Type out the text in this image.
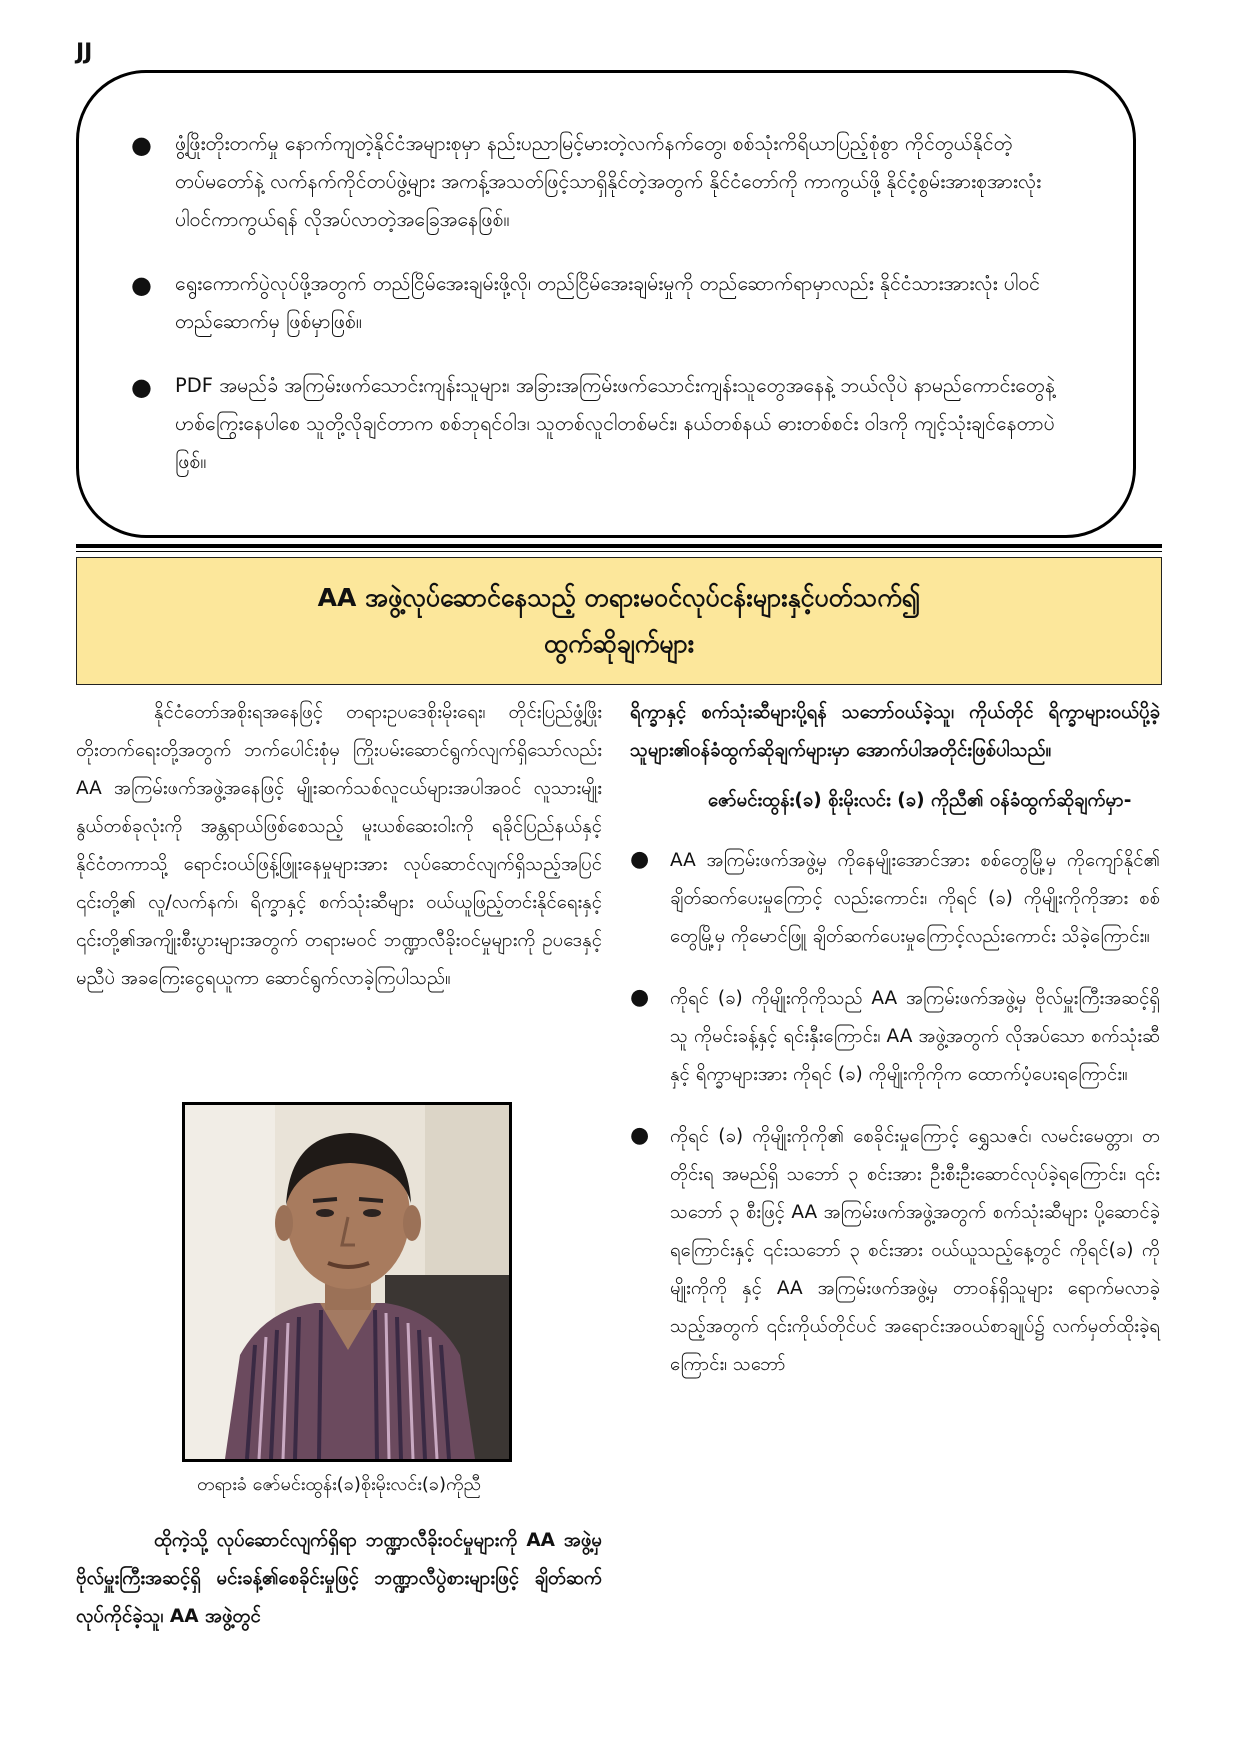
JJ
● ဖွံ့ဖြိုးတိုးတက်မှု နောက်ကျတဲ့နိုင်ငံအများစုမှာ နည်းပညာမြင့်မားတဲ့လက်နက်တွေ၊ စစ်သုံးကိရိယာပြည့်စုံစွာ ကိုင်တွယ်နိုင်တဲ့တပ်မတော်နဲ့ လက်နက်ကိုင်တပ်ဖွဲ့များ အကန့်အသတ်ဖြင့်သာရှိနိုင်တဲ့အတွက် နိုင်ငံတော်ကို ကာကွယ်ဖို့ နိုင်ငံ့စွမ်းအားစုအားလုံး ပါဝင်ကာကွယ်ရန် လိုအပ်လာတဲ့အခြေအနေဖြစ်။
● ရွေးကောက်ပွဲလုပ်ဖို့အတွက် တည်ငြိမ်အေးချမ်းဖို့လို၊ တည်ငြိမ်အေးချမ်းမှုကို တည်ဆောက်ရာမှာလည်း နိုင်ငံသားအားလုံး ပါဝင်တည်ဆောက်မှ ဖြစ်မှာဖြစ်။
● PDF အမည်ခံ အကြမ်းဖက်သောင်းကျန်းသူများ၊ အခြားအကြမ်းဖက်သောင်းကျန်းသူတွေအနေနဲ့ ဘယ်လိုပဲ နာမည်ကောင်းတွေနဲ့ ဟစ်ကြွေးနေပါစေ သူတို့လိုချင်တာက စစ်ဘုရင်ဝါဒ၊ သူတစ်လူငါတစ်မင်း၊ နယ်တစ်နယ် ဓားတစ်စင်း ဝါဒကို ကျင့်သုံးချင်နေတာပဲဖြစ်။
AA အဖွဲ့လုပ်ဆောင်နေသည့် တရားမဝင်လုပ်ငန်းများနှင့်ပတ်သက်၍
ထွက်ဆိုချက်များ

နိုင်ငံတော်အစိုးရအနေဖြင့် တရားဥပဒေစိုးမိုးရေး၊ တိုင်းပြည်ဖွံ့ဖြိုးတိုးတက်ရေးတို့အတွက် ဘက်ပေါင်းစုံမှ ကြိုးပမ်းဆောင်ရွက်လျက်ရှိသော်လည်း AA အကြမ်းဖက်အဖွဲ့အနေဖြင့် မျိုးဆက်သစ်လူငယ်များအပါအဝင် လူသားမျိုးနွယ်တစ်ခုလုံးကို အန္တရာယ်ဖြစ်စေသည့် မူးယစ်ဆေးဝါးကို ရခိုင်ပြည်နယ်နှင့် နိုင်ငံတကာသို့ ရောင်းဝယ်ဖြန့်ဖြူးနေမှုများအား လုပ်ဆောင်လျက်ရှိသည့်အပြင် ၎င်းတို့၏ လူ/လက်နက်၊ ရိက္ခာနှင့် စက်သုံးဆီများ ဝယ်ယူဖြည့်တင်းနိုင်ရေးနှင့် ၎င်းတို့၏အကျိုးစီးပွားများအတွက် တရားမဝင် ဘဏ္ဍာလီခိုးဝင်မှုများကို ဥပဒေနှင့်မညီပဲ အခကြေးငွေရယူကာ ဆောင်ရွက်လာခဲ့ကြပါသည်။

တရားခံ ဇော်မင်းထွန်း(ခ)စိုးမိုးလင်း(ခ)ကိုညီ

ထိုကဲ့သို့ လုပ်ဆောင်လျက်ရှိရာ ဘဏ္ဍာလီခိုးဝင်မှုများကို AA အဖွဲ့မှ ဗိုလ်မှူးကြီးအဆင့်ရှိ မင်းခန့်၏စေခိုင်းမှုဖြင့် ဘဏ္ဍာလီပွဲစားများဖြင့် ချိတ်ဆက်လုပ်ကိုင်ခဲ့သူ၊ AA အဖွဲ့တွင်

ရိက္ခာနှင့် စက်သုံးဆီများပို့ရန် သဘော်ဝယ်ခဲ့သူ၊ ကိုယ်တိုင် ရိက္ခာများဝယ်ပို့ခဲ့သူများ၏ဝန်ခံထွက်ဆိုချက်များမှာ အောက်ပါအတိုင်းဖြစ်ပါသည်။

ဇော်မင်းထွန်း(ခ) စိုးမိုးလင်း (ခ) ကိုညီ၏ ဝန်ခံထွက်ဆိုချက်မှာ-

● AA အကြမ်းဖက်အဖွဲ့မှ ကိုနေမျိုးအောင်အား စစ်တွေမြို့မှ ကိုကျော်နိုင်၏ ချိတ်ဆက်ပေးမှုကြောင့် လည်းကောင်း၊ ကိုရင် (ခ) ကိုမျိုးကိုကိုအား စစ်တွေမြို့မှ ကိုမောင်ဖြူ ချိတ်ဆက်ပေးမှုကြောင့်လည်းကောင်း သိခဲ့ကြောင်း။
● ကိုရင် (ခ) ကိုမျိုးကိုကိုသည် AA အကြမ်းဖက်အဖွဲ့မှ ဗိုလ်မှူးကြီးအဆင့်ရှိသူ ကိုမင်းခန့်နှင့် ရင်းနှီးကြောင်း၊ AA အဖွဲ့အတွက် လိုအပ်သော စက်သုံးဆီနှင့် ရိက္ခာများအား ကိုရင် (ခ) ကိုမျိုးကိုကိုက ထောက်ပံ့ပေးရကြောင်း။
● ကိုရင် (ခ) ကိုမျိုးကိုကို၏ စေခိုင်းမှုကြောင့် ရွှေသဇင်၊ လမင်းမေတ္တာ၊ တတိုင်းရ အမည်ရှိ သဘော် ၃ စင်းအား ဦးစီးဦးဆောင်လုပ်ခဲ့ရကြောင်း၊ ၎င်းသဘော် ၃ စီးဖြင့် AA အကြမ်းဖက်အဖွဲ့အတွက် စက်သုံးဆီများ ပို့ဆောင်ခဲ့ရကြောင်းနှင့် ၎င်းသဘော် ၃ စင်းအား ဝယ်ယူသည့်နေ့တွင် ကိုရင်(ခ) ကိုမျိုးကိုကို နှင့် AA အကြမ်းဖက်အဖွဲ့မှ တာဝန်ရှိသူများ ရောက်မလာခဲ့သည့်အတွက် ၎င်းကိုယ်တိုင်ပင် အရောင်းအဝယ်စာချုပ်၌ လက်မှတ်ထိုးခဲ့ရကြောင်း၊ သဘော်
